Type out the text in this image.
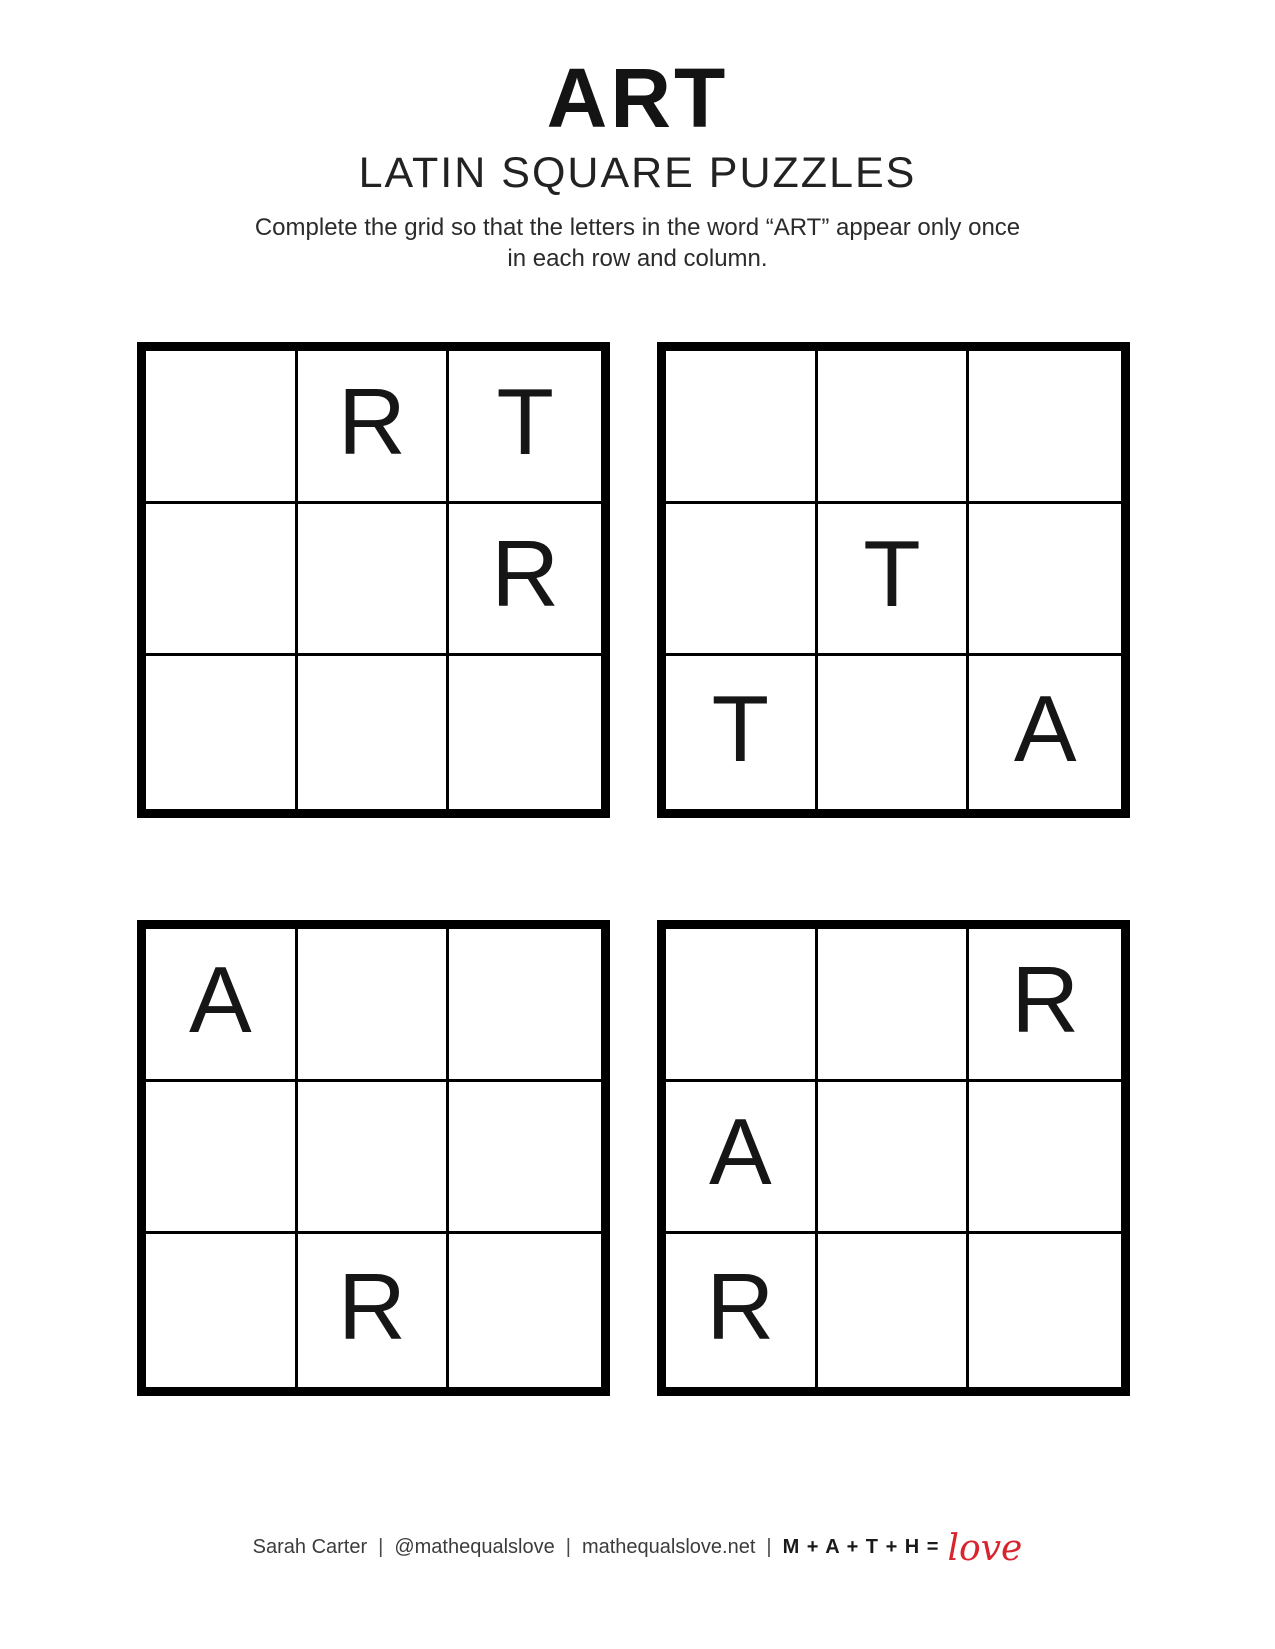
ART
LATIN SQUARE PUZZLES
Complete the grid so that the letters in the word “ART” appear only once
in each row and column.
R T
R	T
T	A
A
R
R
A
R
Sarah Carter | @mathequalslove | mathequalslove.net | M + A + T + H = love
